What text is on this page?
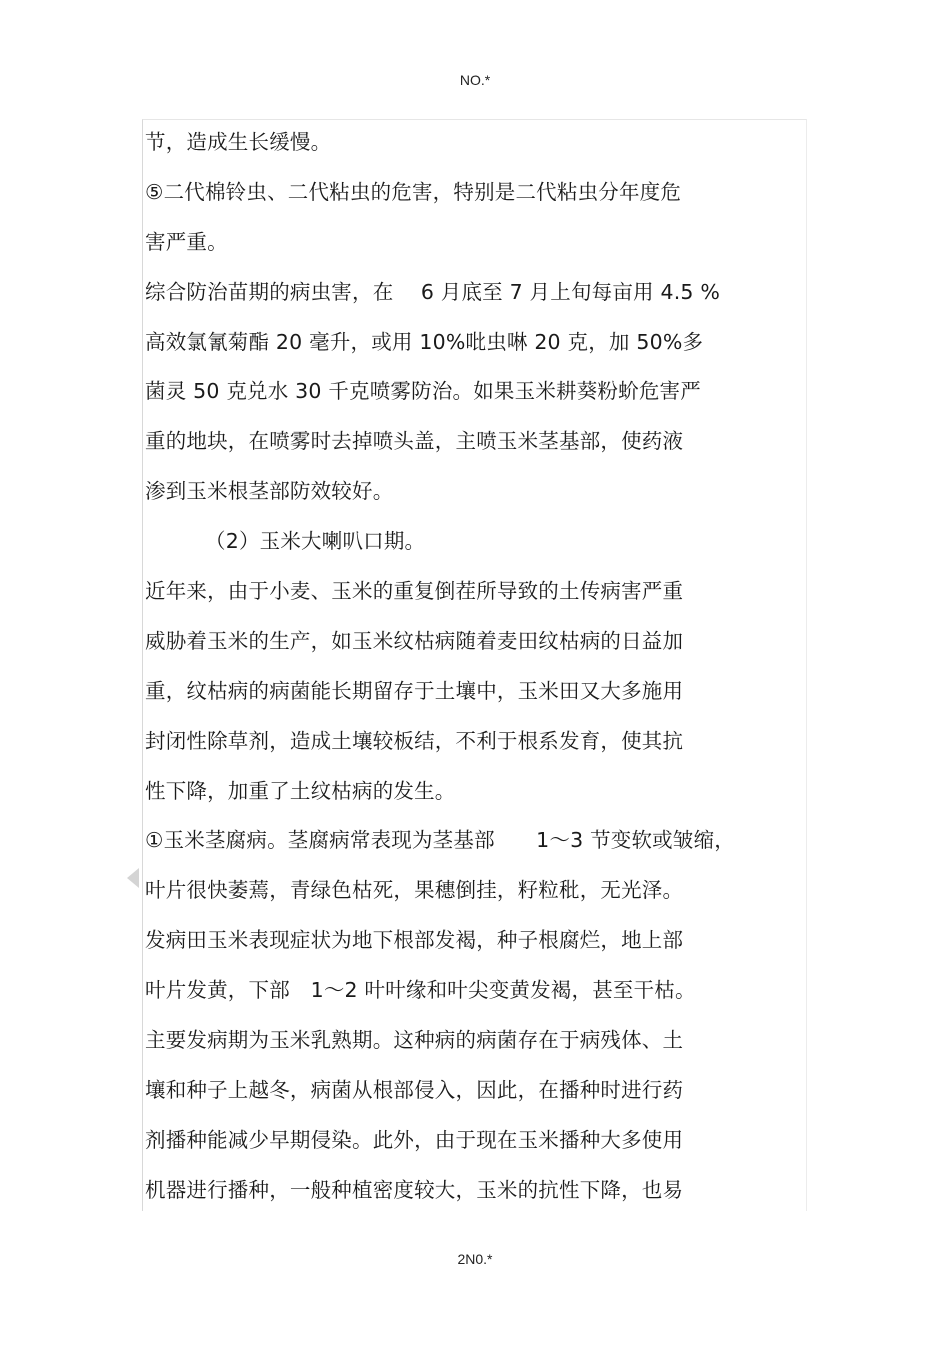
NO.*
节，造成生长缓慢。
⑤二代棉铃虫、二代粘虫的危害，特别是二代粘虫分年度危
害严重。
综合防治苗期的病虫害，在　 6 月底至 7 月上旬每亩用 4.5 %
高效氯氰菊酯 20 毫升，或用 10%吡虫啉 20 克，加 50%多
菌灵 50 克兑水 30 千克喷雾防治。如果玉米耕葵粉蚧危害严
重的地块，在喷雾时去掉喷头盖，主喷玉米茎基部，使药液
渗到玉米根茎部防效较好。
（2）玉米大喇叭口期。
近年来，由于小麦、玉米的重复倒茬所导致的土传病害严重
威胁着玉米的生产，如玉米纹枯病随着麦田纹枯病的日益加
重，纹枯病的病菌能长期留存于土壤中，玉米田又大多施用
封闭性除草剂，造成土壤较板结，不利于根系发育，使其抗
性下降，加重了土纹枯病的发生。
①玉米茎腐病。茎腐病常表现为茎基部　　1～3 节变软或皱缩，
叶片很快萎蔫，青绿色枯死，果穗倒挂，籽粒秕，无光泽。
发病田玉米表现症状为地下根部发褐，种子根腐烂，地上部
叶片发黄，下部　1～2 叶叶缘和叶尖变黄发褐，甚至干枯。
主要发病期为玉米乳熟期。这种病的病菌存在于病残体、土
壤和种子上越冬，病菌从根部侵入，因此，在播种时进行药
剂播种能减少早期侵染。此外，由于现在玉米播种大多使用
机器进行播种，一般种植密度较大，玉米的抗性下降，也易
2N0.*
